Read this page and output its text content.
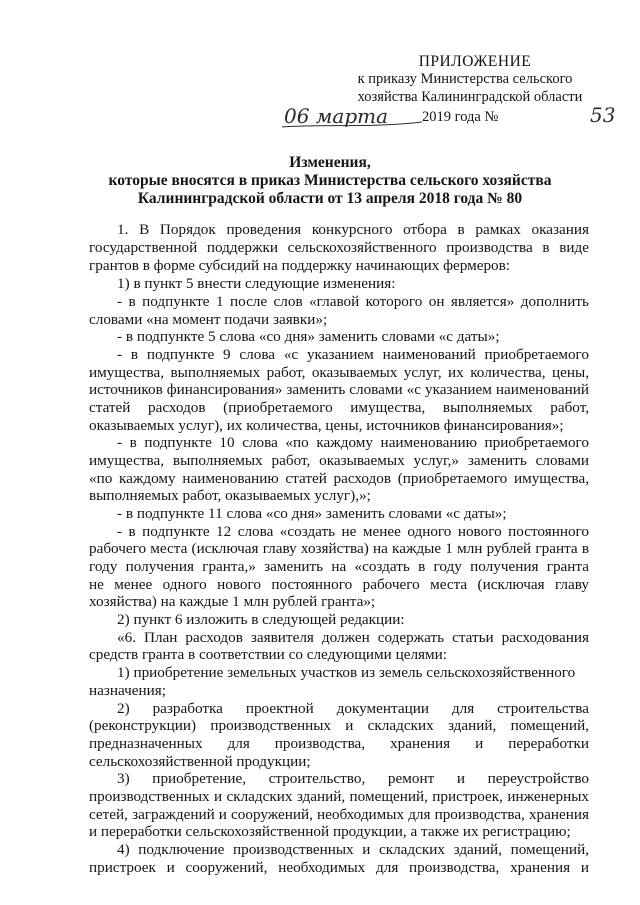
ПРИЛОЖЕНИЕ
к приказу Министерства сельского
хозяйства Калининградской области
06 марта 2019 года №	53
Изменения,
которые вносятся в приказ Министерства сельского хозяйства
Калининградской области от 13 апреля 2018 года № 80
1. В Порядок проведения конкурсного отбора в рамках оказания
государственной поддержки сельскохозяйственного производства в виде
грантов в форме субсидий на поддержку начинающих фермеров:
1) в пункт 5 внести следующие изменения:
- в подпункте 1 после слов «главой которого он является» дополнить
словами «на момент подачи заявки»;
- в подпункте 5 слова «со дня» заменить словами «с даты»;
- в подпункте 9 слова «с указанием наименований приобретаемого
имущества, выполняемых работ, оказываемых услуг, их количества, цены,
источников финансирования» заменить словами «с указанием наименований
статей расходов (приобретаемого имущества, выполняемых работ,
оказываемых услуг), их количества, цены, источников финансирования»;
- в подпункте 10 слова «по каждому наименованию приобретаемого
имущества, выполняемых работ, оказываемых услуг,» заменить словами
«по каждому наименованию статей расходов (приобретаемого имущества,
выполняемых работ, оказываемых услуг),»;
- в подпункте 11 слова «со дня» заменить словами «с даты»;
- в подпункте 12 слова «создать не менее одного нового постоянного
рабочего места (исключая главу хозяйства) на каждые 1 млн рублей гранта в
году получения гранта,» заменить на «создать в году получения гранта
не менее одного нового постоянного рабочего места (исключая главу
хозяйства) на каждые 1 млн рублей гранта»;
2) пункт 6 изложить в следующей редакции:
«6. План расходов заявителя должен содержать статьи расходования
средств гранта в соответствии со следующими целями:
1) приобретение земельных участков из земель сельскохозяйственного
назначения;
2) разработка проектной документации для строительства
(реконструкции) производственных и складских зданий, помещений,
предназначенных для производства, хранения и переработки
сельскохозяйственной продукции;
3) приобретение, строительство, ремонт и переустройство
производственных и складских зданий, помещений, пристроек, инженерных
сетей, заграждений и сооружений, необходимых для производства, хранения
и переработки сельскохозяйственной продукции, а также их регистрацию;
4) подключение производственных и складских зданий, помещений,
пристроек и сооружений, необходимых для производства, хранения и
